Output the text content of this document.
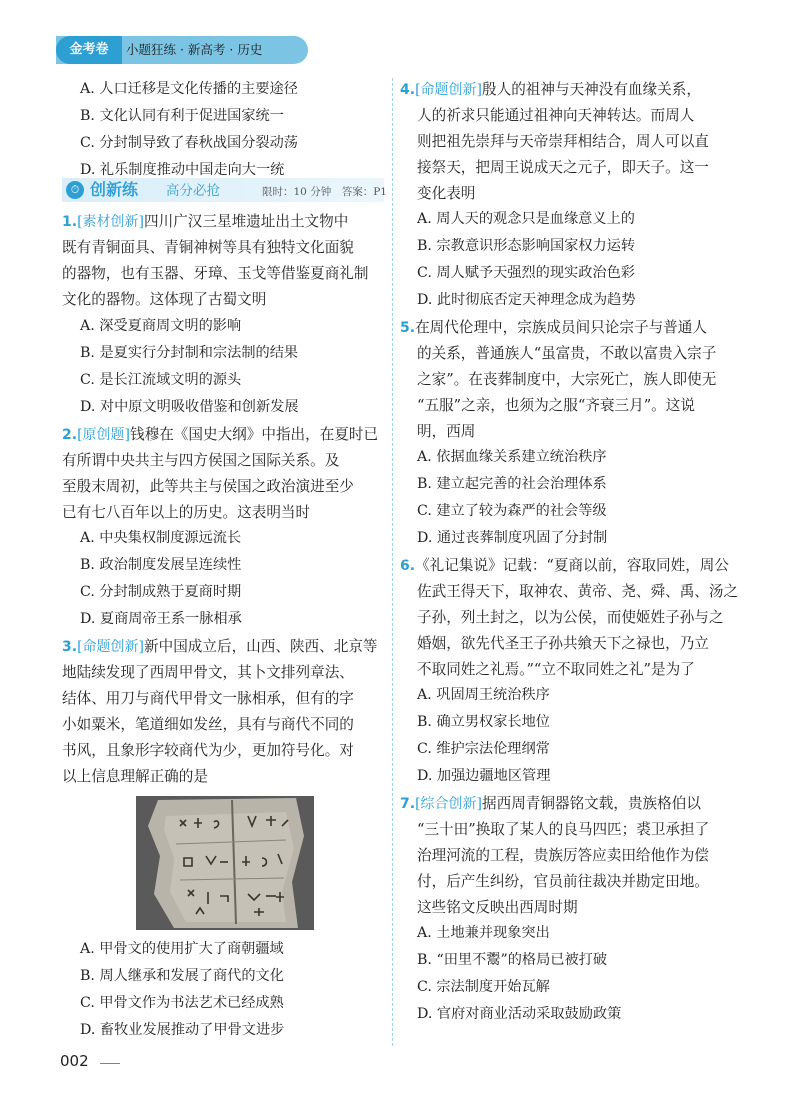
金考卷	小题狂练 · 新高考 · 历史
A. 人口迁移是文化传播的主要途径
B. 文化认同有利于促进国家统一
C. 分封制导致了春秋战国分裂动荡
D. 礼乐制度推动中国走向大一统
⏱ 创新练 高分必抢	限时：10 分钟　答案：P1
1.[素材创新]四川广汉三星堆遗址出土文物中
既有青铜面具、青铜神树等具有独特文化面貌
的器物，也有玉器、牙璋、玉戈等借鉴夏商礼制
文化的器物。这体现了古蜀文明
A. 深受夏商周文明的影响
B. 是夏实行分封制和宗法制的结果
C. 是长江流域文明的源头
D. 对中原文明吸收借鉴和创新发展
2.[原创题]钱穆在《国史大纲》中指出，在夏时已
有所谓中央共主与四方侯国之国际关系。及
至殷末周初，此等共主与侯国之政治演进至少
已有七八百年以上的历史。这表明当时
A. 中央集权制度源远流长
B. 政治制度发展呈连续性
C. 分封制成熟于夏商时期
D. 夏商周帝王系一脉相承
3.[命题创新]新中国成立后，山西、陕西、北京等
地陆续发现了西周甲骨文，其卜文排列章法、
结体、用刀与商代甲骨文一脉相承，但有的字
小如粟米，笔道细如发丝，具有与商代不同的
书风，且象形字较商代为少，更加符号化。对
以上信息理解正确的是
A. 甲骨文的使用扩大了商朝疆域
B. 周人继承和发展了商代的文化
C. 甲骨文作为书法艺术已经成熟
D. 畜牧业发展推动了甲骨文进步
4.[命题创新]殷人的祖神与天神没有血缘关系，
人的祈求只能通过祖神向天神转达。而周人
则把祖先崇拜与天帝崇拜相结合，周人可以直
接祭天，把周王说成天之元子，即天子。这一
变化表明
A. 周人天的观念只是血缘意义上的
B. 宗教意识形态影响国家权力运转
C. 周人赋予天强烈的现实政治色彩
D. 此时彻底否定天神理念成为趋势
5.在周代伦理中，宗族成员间只论宗子与普通人
的关系，普通族人“虽富贵，不敢以富贵入宗子
之家”。在丧葬制度中，大宗死亡，族人即使无
“五服”之亲，也须为之服“齐衰三月”。这说
明，西周
A. 依据血缘关系建立统治秩序
B. 建立起完善的社会治理体系
C. 建立了较为森严的社会等级
D. 通过丧葬制度巩固了分封制
6.《礼记集说》记载：“夏商以前，容取同姓，周公
佐武王得天下，取神农、黄帝、尧、舜、禹、汤之
子孙，列土封之，以为公侯，而使姬姓子孙与之
婚姻，欲先代圣王子孙共飨天下之禄也，乃立
不取同姓之礼焉。”“立不取同姓之礼”是为了
A. 巩固周王统治秩序
B. 确立男权家长地位
C. 维护宗法伦理纲常
D. 加强边疆地区管理
7.[综合创新]据西周青铜器铭文载，贵族格伯以
“三十田”换取了某人的良马四匹；裘卫承担了
治理河流的工程，贵族厉答应卖田给他作为偿
付，后产生纠纷，官员前往裁决并勘定田地。
这些铭文反映出西周时期
A. 土地兼并现象突出
B. “田里不鬻”的格局已被打破
C. 宗法制度开始瓦解
D. 官府对商业活动采取鼓励政策
002
